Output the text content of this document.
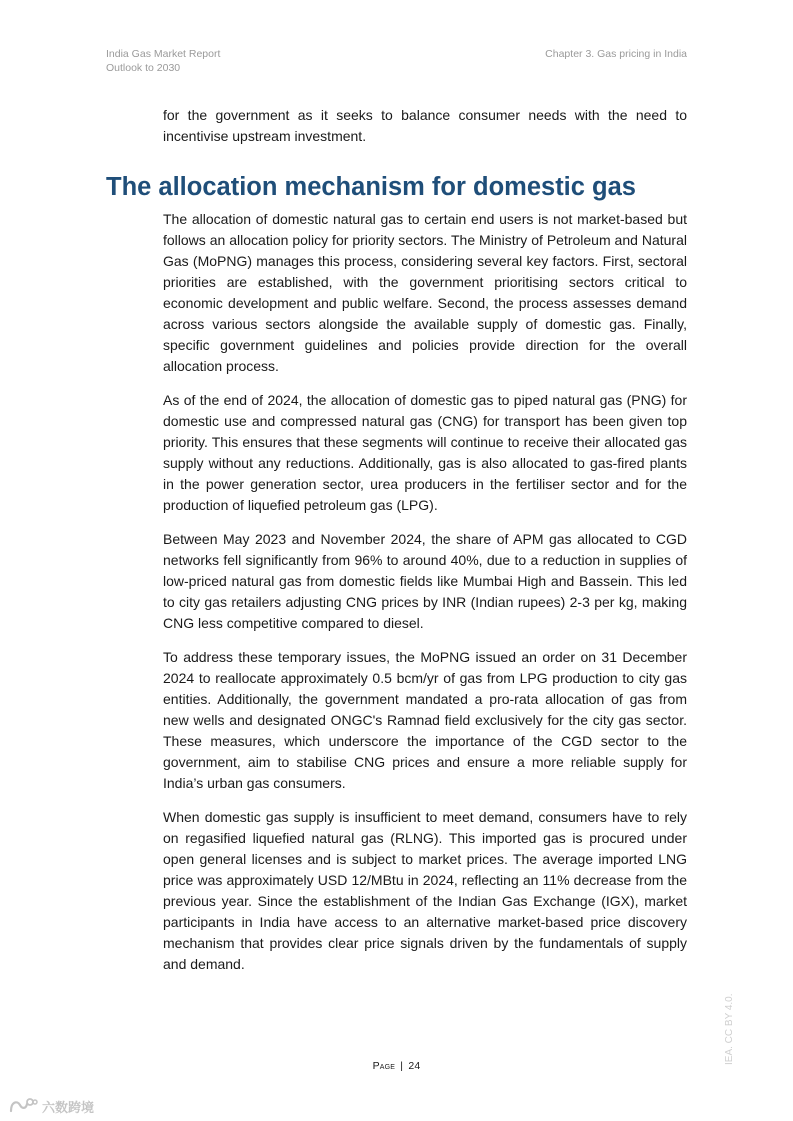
India Gas Market Report
Outlook to 2030
Chapter 3. Gas pricing in India

for the government as it seeks to balance consumer needs with the need to incentivise upstream investment.

The allocation mechanism for domestic gas

The allocation of domestic natural gas to certain end users is not market-based but follows an allocation policy for priority sectors. The Ministry of Petroleum and Natural Gas (MoPNG) manages this process, considering several key factors. First, sectoral priorities are established, with the government prioritising sectors critical to economic development and public welfare. Second, the process assesses demand across various sectors alongside the available supply of domestic gas. Finally, specific government guidelines and policies provide direction for the overall allocation process.

As of the end of 2024, the allocation of domestic gas to piped natural gas (PNG) for domestic use and compressed natural gas (CNG) for transport has been given top priority. This ensures that these segments will continue to receive their allocated gas supply without any reductions. Additionally, gas is also allocated to gas-fired plants in the power generation sector, urea producers in the fertiliser sector and for the production of liquefied petroleum gas (LPG).

Between May 2023 and November 2024, the share of APM gas allocated to CGD networks fell significantly from 96% to around 40%, due to a reduction in supplies of low-priced natural gas from domestic fields like Mumbai High and Bassein. This led to city gas retailers adjusting CNG prices by INR (Indian rupees) 2-3 per kg, making CNG less competitive compared to diesel.

To address these temporary issues, the MoPNG issued an order on 31 December 2024 to reallocate approximately 0.5 bcm/yr of gas from LPG production to city gas entities. Additionally, the government mandated a pro-rata allocation of gas from new wells and designated ONGC's Ramnad field exclusively for the city gas sector. These measures, which underscore the importance of the CGD sector to the government, aim to stabilise CNG prices and ensure a more reliable supply for India’s urban gas consumers.

When domestic gas supply is insufficient to meet demand, consumers have to rely on regasified liquefied natural gas (RLNG). This imported gas is procured under open general licenses and is subject to market prices. The average imported LNG price was approximately USD 12/MBtu in 2024, reflecting an 11% decrease from the previous year. Since the establishment of the Indian Gas Exchange (IGX), market participants in India have access to an alternative market-based price discovery mechanism that provides clear price signals driven by the fundamentals of supply and demand.

Page | 24
IEA. CC BY 4.0.
六数跨境
